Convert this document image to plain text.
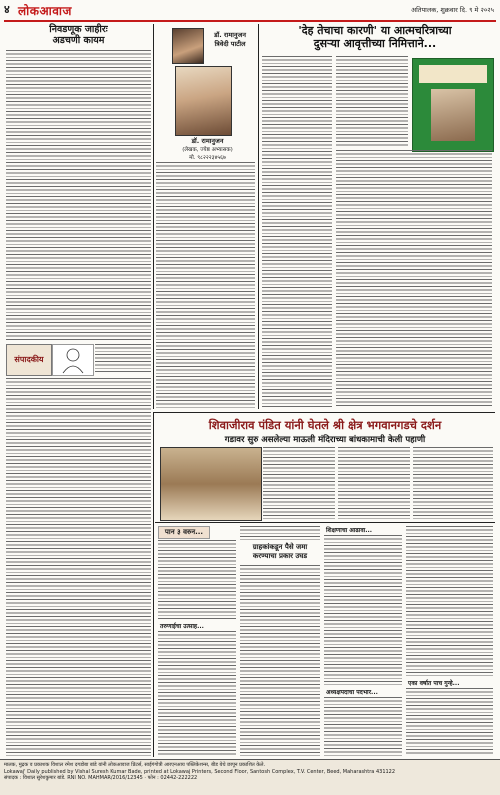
४ लोकआवाज	अतिपालक, शुक्रवार दि. ९ मे २०२५
निवडणूक जाहीरः
अडचणी कायम
संपादकीय
डॉ. रामानुजन
त्रिवेदी पाटील
डॉ. रामानुजन
(लेखक, ज्येष्ठ अभ्यासक)
मो. ९८२२२३४५६७
'देह तेचाचा कारणी' या आत्मचरित्राच्या
दुसऱ्या आवृत्तीच्या निमित्ताने...
शिवाजीराव पंडित यांनी घेतले श्री क्षेत्र भगवानगडचे दर्शन
गडावर सुरु असलेल्या माऊली मंदिराच्या बांधकामाची केली पहाणी
पान ३ वरुन...
तरुणाईचा उत्साह...
ग्राहकांकडून पैसे जमा करण्याचा प्रकार उघड
शिक्षणाचा आढावा...
अध्यक्षपदाचा पदभार...
एका वर्षात पाच गुन्हे...
मालक, मुद्रक व प्रकाशक विशाल रमेश दगडोबा बांडे यांनी लोकआवाज प्रिंटर्स, साईगंगोत्री आरएनआय पब्लिकेशन्स, बीड येथे छापून प्रकाशित केले.
Lokawaj' Daily published by Vishal Suresh Kumar Bade, printed at Lokawaj Printers, Second Floor, Santosh Complex, T.V. Center, Beed, Maharashtra 431122
संपादक : विशाल सुरेशकुमार बांडे. RNI NO. MAHMAR/2016/12345 · फोन : 02442-222222
